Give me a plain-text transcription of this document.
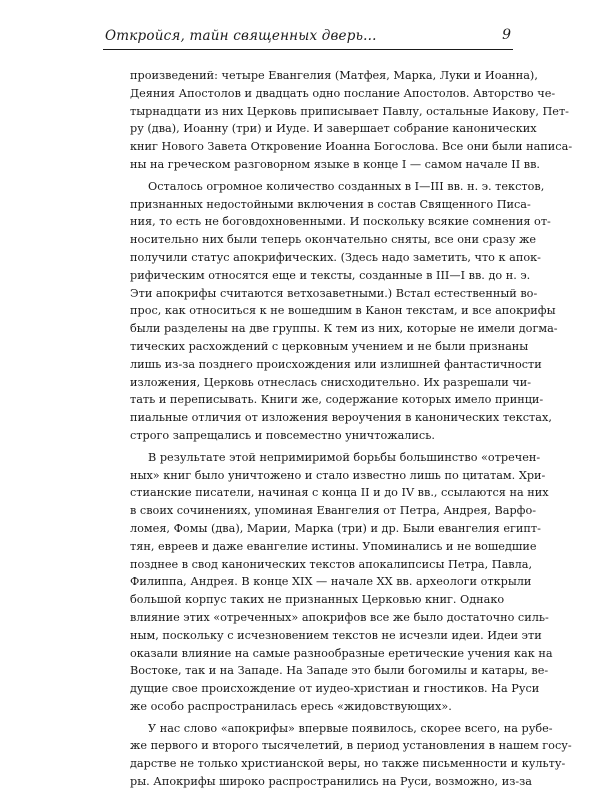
Откройся, тайн священных дверь...	9
произведений: четыре Евангелия (Матфея, Марка, Луки и Иоанна),
Деяния Апостолов и двадцать одно послание Апостолов. Авторство че-
тырнадцати из них Церковь приписывает Павлу, остальные Иакову, Пет-
ру (два), Иоанну (три) и Иуде. И завершает собрание канонических
книг Нового Завета Откровение Иоанна Богослова. Все они были написа-
ны на греческом разговорном языке в конце I — самом начале II вв.
Осталось огромное количество созданных в I—III вв. н. э. текстов,
признанных недостойными включения в состав Священного Писа-
ния, то есть не боговдохновенными. И поскольку всякие сомнения от-
носительно них были теперь окончательно сняты, все они сразу же
получили статус апокрифических. (Здесь надо заметить, что к апок-
рифическим относятся еще и тексты, созданные в III—I вв. до н. э.
Эти апокрифы считаются ветхозаветными.) Встал естественный во-
прос, как относиться к не вошедшим в Канон текстам, и все апокрифы
были разделены на две группы. К тем из них, которые не имели догма-
тических расхождений с церковным учением и не были признаны
лишь из-за позднего происхождения или излишней фантастичности
изложения, Церковь отнеслась снисходительно. Их разрешали чи-
тать и переписывать. Книги же, содержание которых имело принци-
пиальные отличия от изложения вероучения в канонических текстах,
строго запрещались и повсеместно уничтожались.
В результате этой непримиримой борьбы большинство «отречен-
ных» книг было уничтожено и стало известно лишь по цитатам. Хри-
стианские писатели, начиная с конца II и до IV вв., ссылаются на них
в своих сочинениях, упоминая Евангелия от Петра, Андрея, Варфо-
ломея, Фомы (два), Марии, Марка (три) и др. Были евангелия египт-
тян, евреев и даже евангелие истины. Упоминались и не вошедшие
позднее в свод канонических текстов апокалипсисы Петра, Павла,
Филиппа, Андрея. В конце XIX — начале XX вв. археологи открыли
большой корпус таких не признанных Церковью книг. Однако
влияние этих «отреченных» апокрифов все же было достаточно силь-
ным, поскольку с исчезновением текстов не исчезли идеи. Идеи эти
оказали влияние на самые разнообразные еретические учения как на
Востоке, так и на Западе. На Западе это были богомилы и катары, ве-
дущие свое происхождение от иудео-христиан и гностиков. На Руси
же особо распространилась ересь «жидовствующих».
У нас слово «апокрифы» впервые появилось, скорее всего, на рубе-
же первого и второго тысячелетий, в период установления в нашем госу-
дарстве не только христианской веры, но также письменности и культу-
ры. Апокрифы широко распространились на Руси, возможно, из-за
